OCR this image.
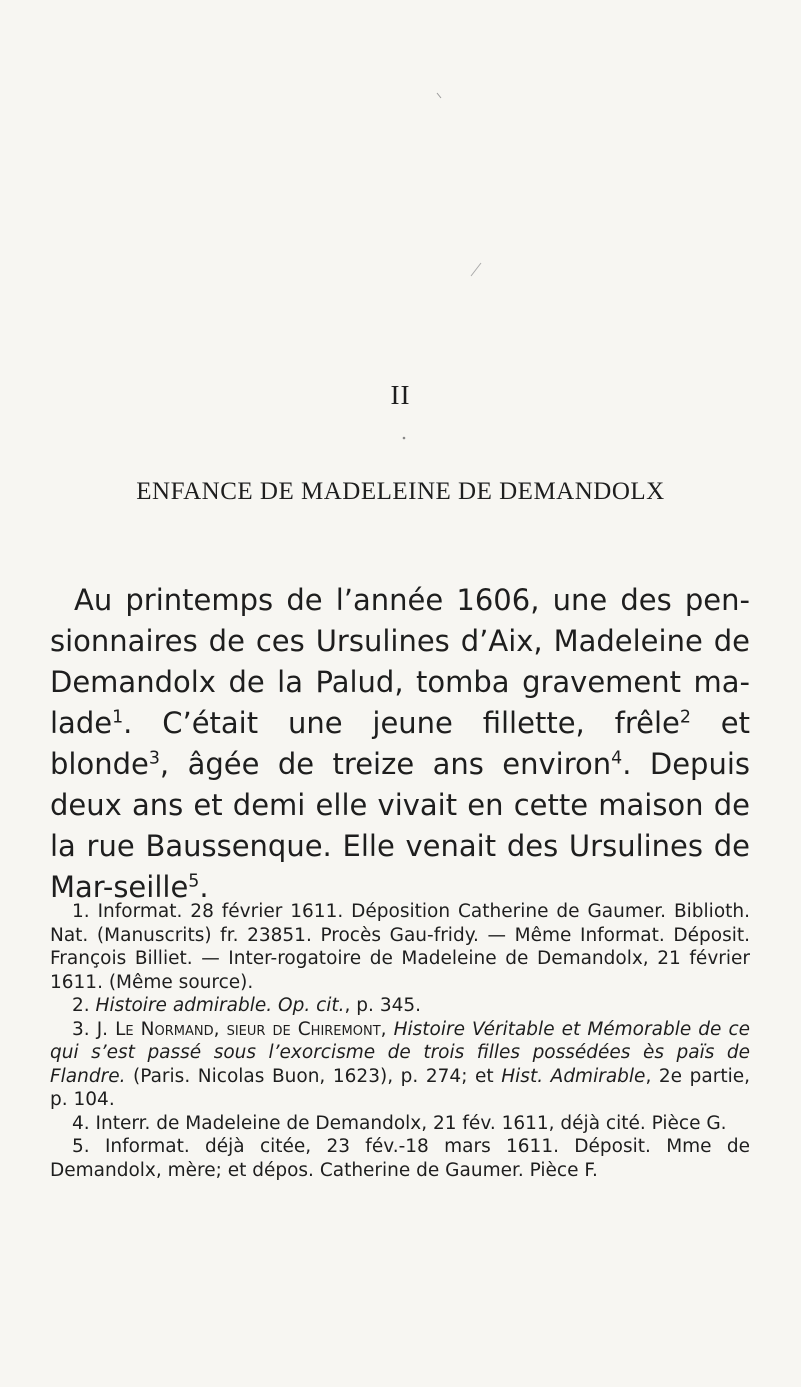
II
ENFANCE DE MADELEINE DE DEMANDOLX

Au printemps de l’année 1606, une des pen-sionnaires de ces Ursulines d’Aix, Madeleine de Demandolx de la Palud, tomba gravement ma-lade$^1$. C’était une jeune fillette, frêle$^2$ et blonde$^3$, âgée de treize ans environ$^4$. Depuis deux ans et demi elle vivait en cette maison de la rue Baussenque. Elle venait des Ursulines de Mar-seille$^5$.

1. Informat. 28 février 1611. Déposition Catherine de Gaumer. Biblioth. Nat. (Manuscrits) fr. 23851. Procès Gau-fridy. — Même Informat. Déposit. François Billiet. — Inter-rogatoire de Madeleine de Demandolx, 21 février 1611. (Même source).

2. Histoire admirable. Op. cit., p. 345.

3. J. Le Normand, sieur de Chiremont, Histoire Véritable et Mémorable de ce qui s’est passé sous l’exorcisme de trois filles possédées ès païs de Flandre. (Paris. Nicolas Buon, 1623), p. 274; et Hist. Admirable, 2e partie, p. 104.

4. Interr. de Madeleine de Demandolx, 21 fév. 1611, déjà cité. Pièce G.

5. Informat. déjà citée, 23 fév.-18 mars 1611. Déposit. Mme de Demandolx, mère; et dépos. Catherine de Gaumer. Pièce F.
